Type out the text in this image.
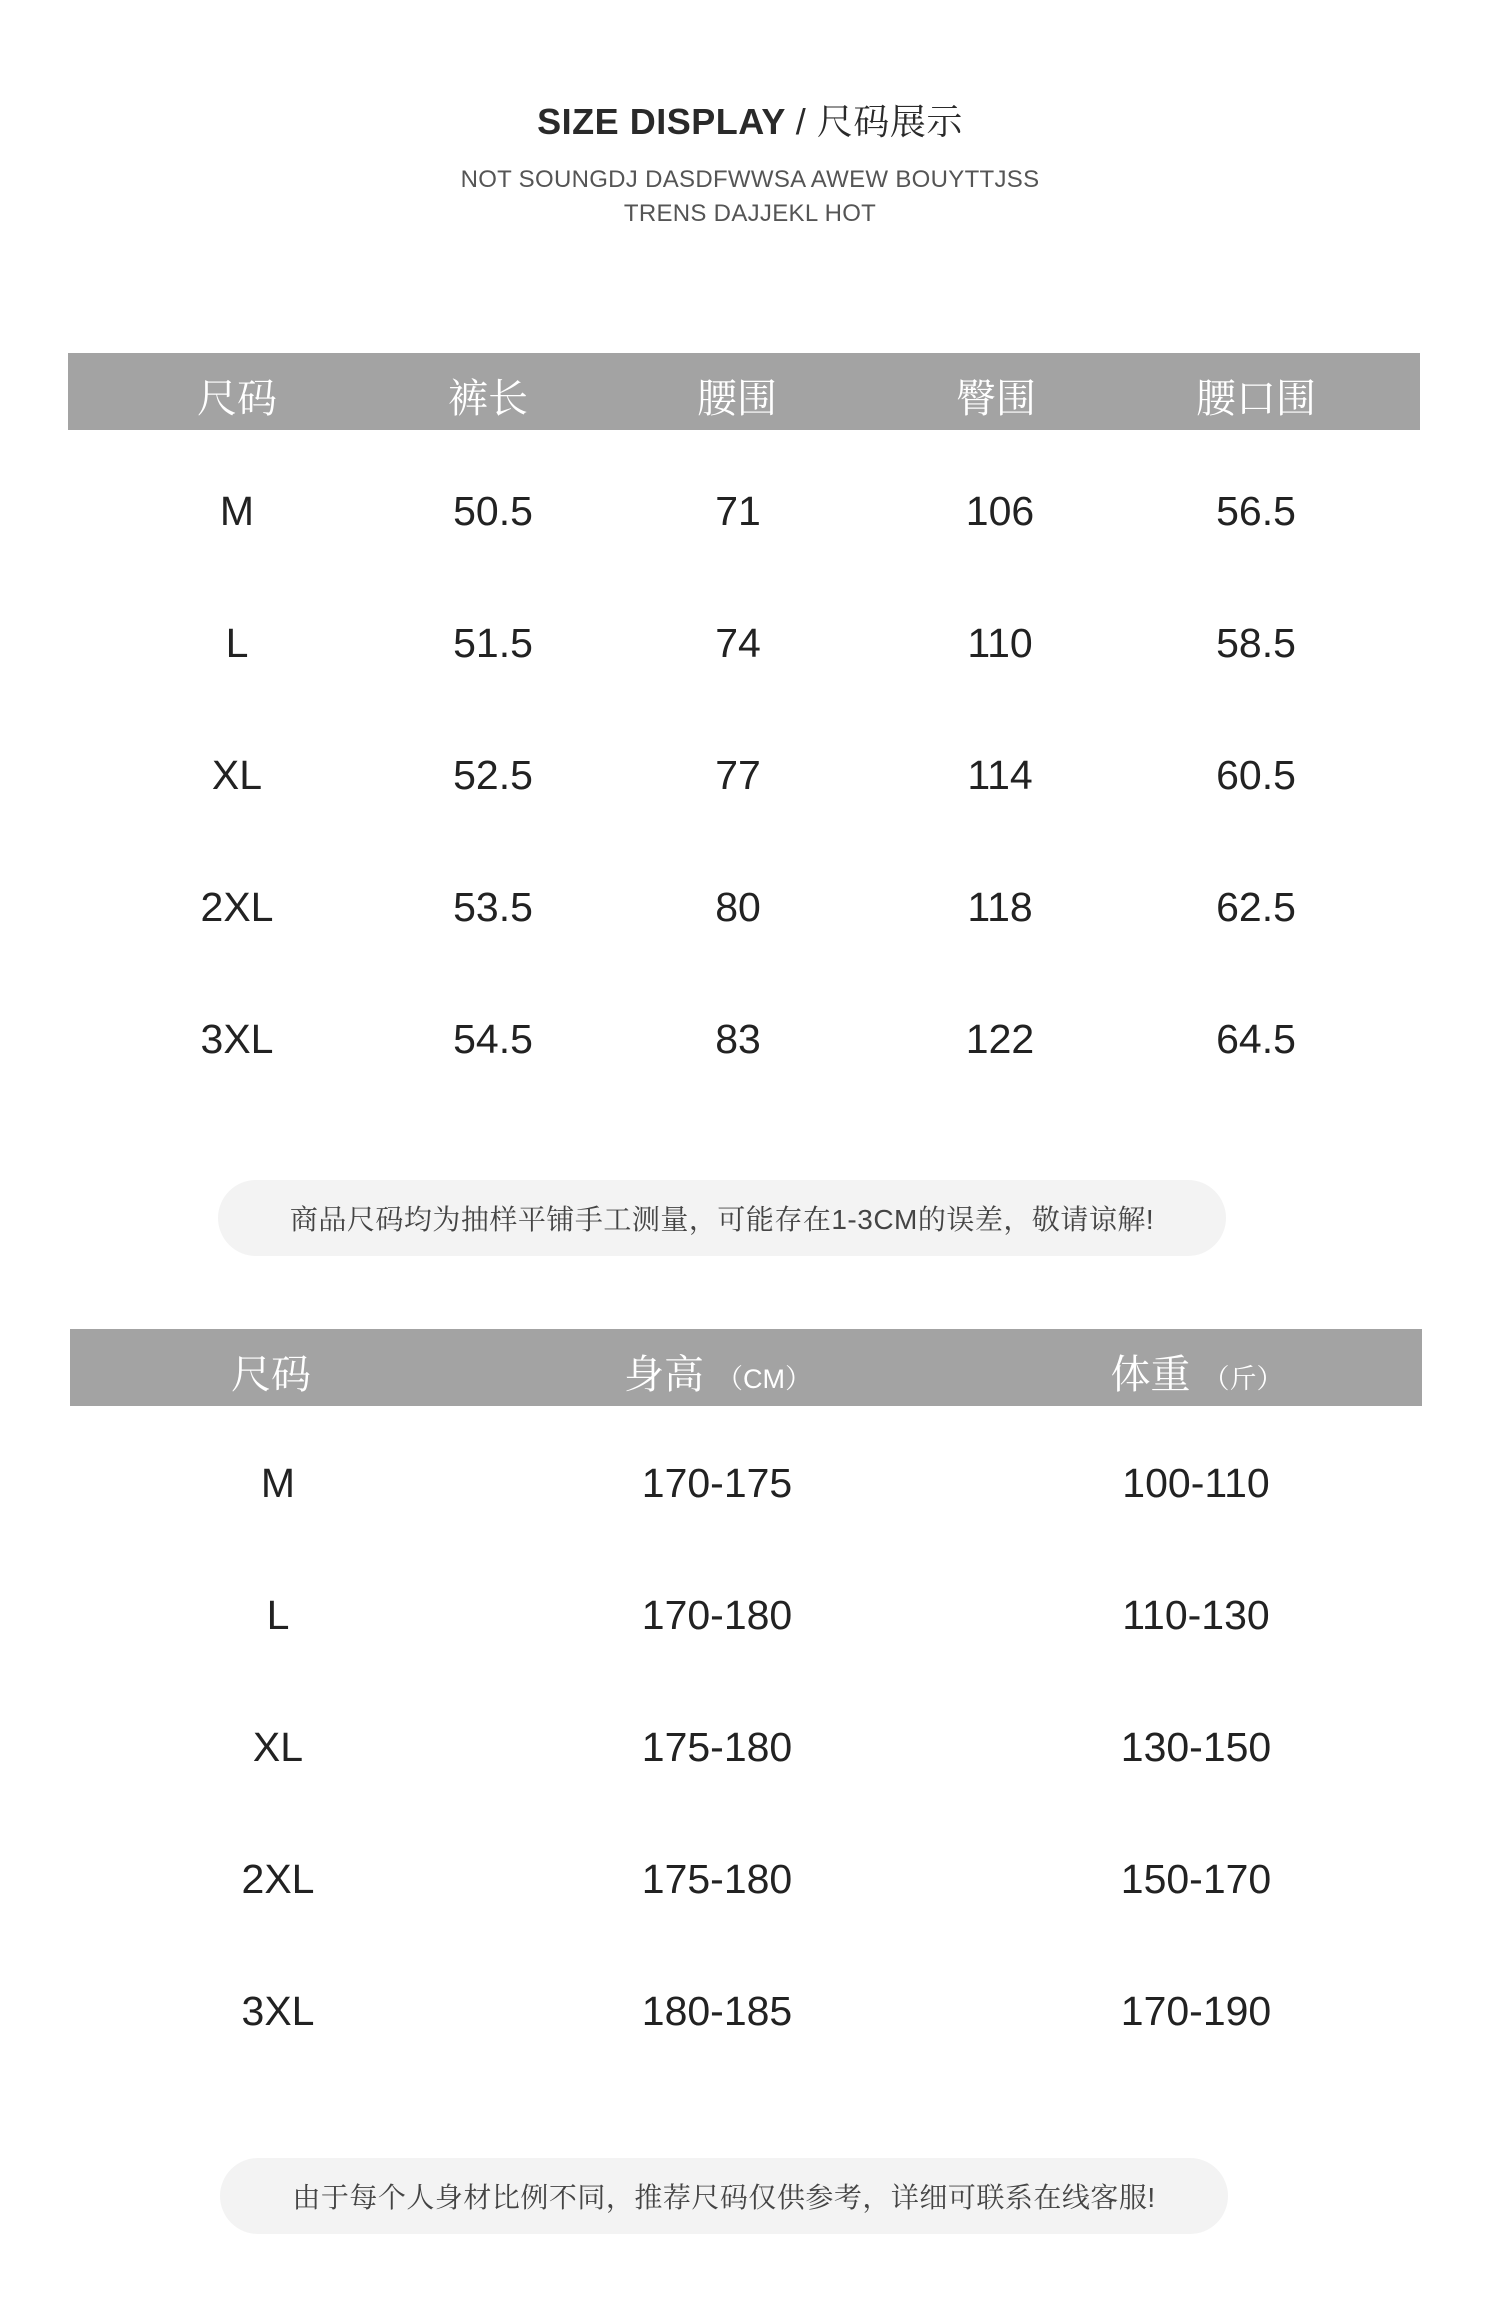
SIZE DISPLAY / 尺码展示
NOT SOUNGDJ DASDFWWSA AWEW BOUYTTJSS
TRENS DAJJEKL HOT
尺码	裤长	腰围	臀围	腰口围
M	50.5	71	106	56.5
L	51.5	74	110	58.5
XL	52.5	77	114	60.5
2XL	53.5	80	118	62.5
3XL	54.5	83	122	64.5
商品尺码均为抽样平铺手工测量，可能存在1-3CM的误差，敬请谅解!
尺码	身高 （CM）	体重 （斤）
M	170-175	100-110
L	170-180	110-130
XL	175-180	130-150
2XL	175-180	150-170
3XL	180-185	170-190
由于每个人身材比例不同，推荐尺码仅供参考，详细可联系在线客服!
